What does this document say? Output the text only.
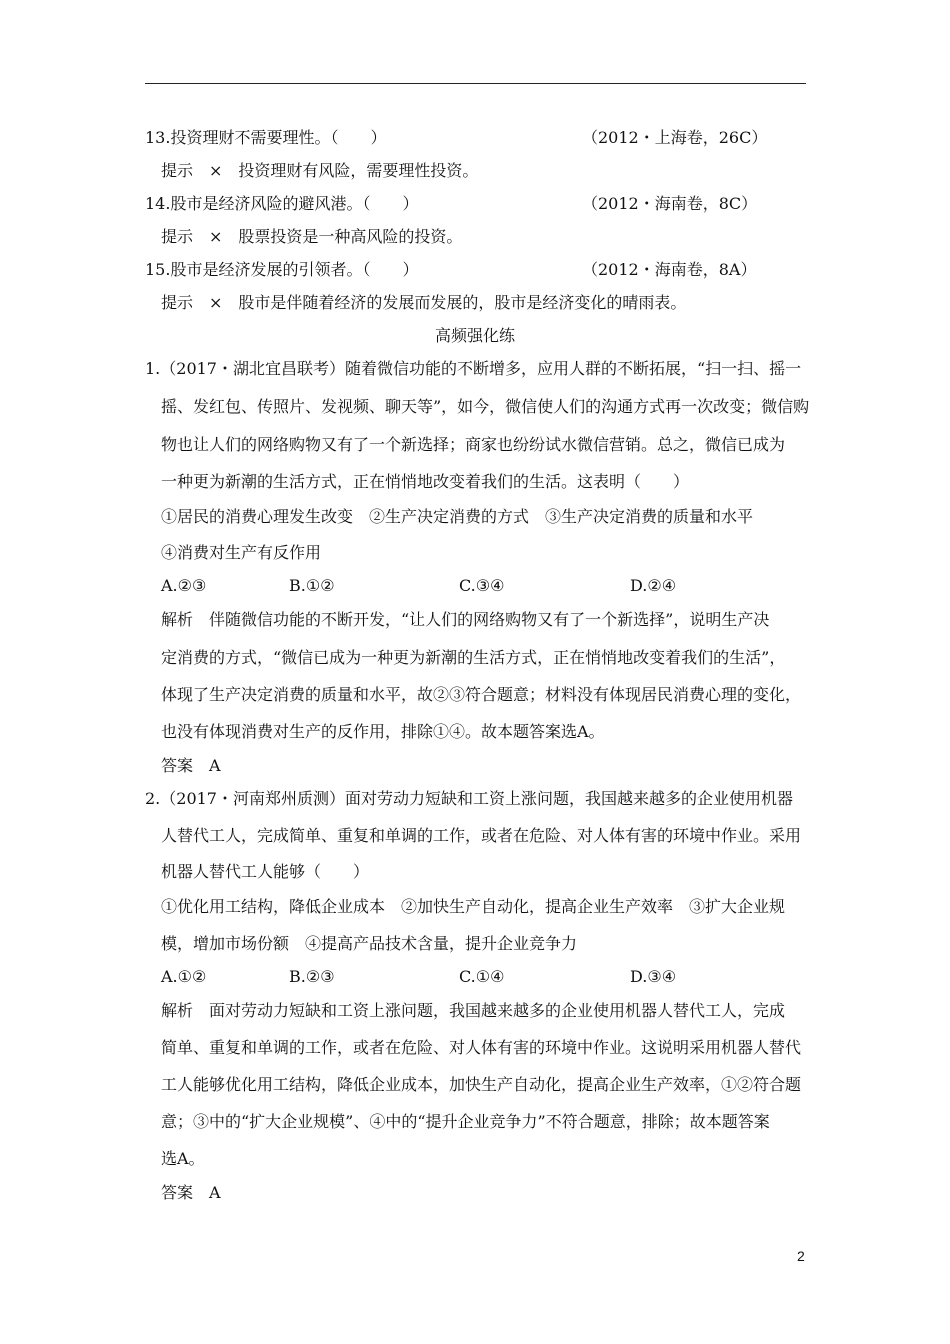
13.投资理财不需要理性。（　　）	（2012・上海卷，26C）
提示　×　投资理财有风险，需要理性投资。
14.股市是经济风险的避风港。（　　）	（2012・海南卷，8C）
提示　×　股票投资是一种高风险的投资。
15.股市是经济发展的引领者。（　　）	（2012・海南卷，8A）
提示　×　股市是伴随着经济的发展而发展的，股市是经济变化的晴雨表。
高频强化练
1.（2017・湖北宜昌联考）随着微信功能的不断增多，应用人群的不断拓展，“扫一扫、摇一
摇、发红包、传照片、发视频、聊天等”，如今，微信使人们的沟通方式再一次改变；微信购
物也让人们的网络购物又有了一个新选择；商家也纷纷试水微信营销。总之，微信已成为
一种更为新潮的生活方式，正在悄悄地改变着我们的生活。这表明（　　）
①居民的消费心理发生改变　②生产决定消费的方式　③生产决定消费的质量和水平
④消费对生产有反作用
A.②③	B.①②	C.③④	D.②④
解析　伴随微信功能的不断开发，“让人们的网络购物又有了一个新选择”，说明生产决
定消费的方式，“微信已成为一种更为新潮的生活方式，正在悄悄地改变着我们的生活”，
体现了生产决定消费的质量和水平，故②③符合题意；材料没有体现居民消费心理的变化，
也没有体现消费对生产的反作用，排除①④。故本题答案选A。
答案　A
2.（2017・河南郑州质测）面对劳动力短缺和工资上涨问题，我国越来越多的企业使用机器
人替代工人，完成简单、重复和单调的工作，或者在危险、对人体有害的环境中作业。采用
机器人替代工人能够（　　）
①优化用工结构，降低企业成本　②加快生产自动化，提高企业生产效率　③扩大企业规
模，增加市场份额　④提高产品技术含量，提升企业竞争力
A.①②	B.②③	C.①④	D.③④
解析　面对劳动力短缺和工资上涨问题，我国越来越多的企业使用机器人替代工人，完成
简单、重复和单调的工作，或者在危险、对人体有害的环境中作业。这说明采用机器人替代
工人能够优化用工结构，降低企业成本，加快生产自动化，提高企业生产效率，①②符合题
意；③中的“扩大企业规模”、④中的“提升企业竞争力”不符合题意，排除；故本题答案
选A。
答案　A
2
